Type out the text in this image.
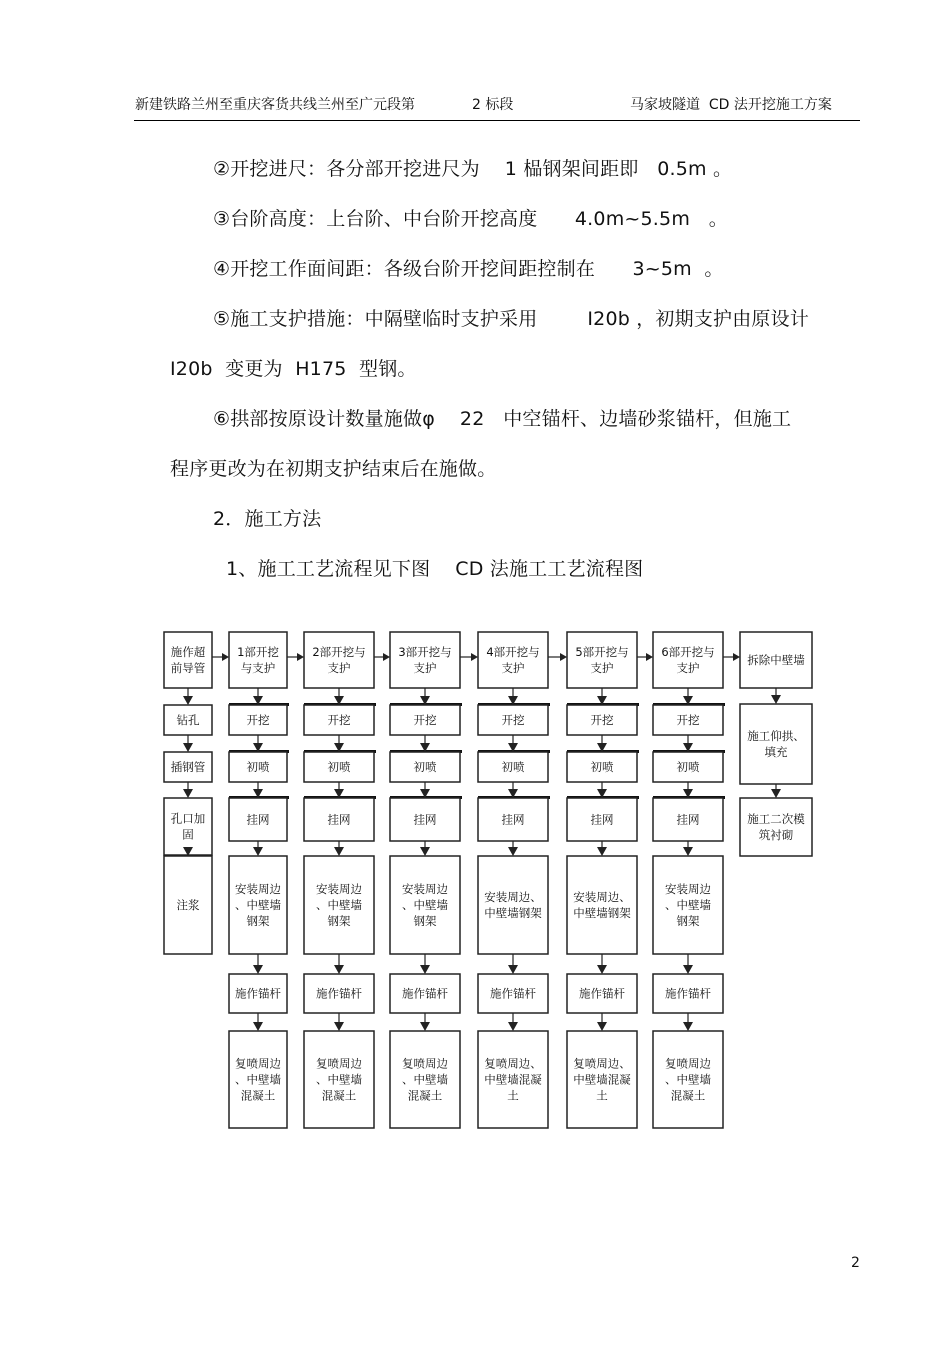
新建铁路兰州至重庆客货共线兰州至广元段第	2 标段	马家坡隧道  CD 法开挖施工方案
②开挖进尺：各分部开挖进尺为    1 榀钢架间距即   0.5m 。
③台阶高度：上台阶、中台阶开挖高度      4.0m~5.5m   。
④开挖工作面间距：各级台阶开挖间距控制在      3~5m  。
⑤施工支护措施：中隔壁临时支护采用        I20b ，初期支护由原设计
I20b  变更为  H175  型钢。
⑥拱部按原设计数量施做φ    22   中空锚杆、边墙砂浆锚杆，但施工
程序更改为在初期支护结束后在施做。
2．施工方法
1、施工工艺流程见下图    CD 法施工工艺流程图
施作超前导管
钻孔
插钢管
孔口加固
注浆
1部开挖与支护
开挖
初喷
挂网
安装周边、中壁墙钢架
施作锚杆
复喷周边、中壁墙混凝土
2部开挖与支护
开挖
初喷
挂网
安装周边、中壁墙钢架
施作锚杆
复喷周边、中壁墙混凝土
3部开挖与支护
开挖
初喷
挂网
安装周边、中壁墙钢架
施作锚杆
复喷周边、中壁墙混凝土
4部开挖与支护
开挖
初喷
挂网
安装周边、中壁墙钢架
施作锚杆
复喷周边、中壁墙混凝土
5部开挖与支护
开挖
初喷
挂网
安装周边、中壁墙钢架
施作锚杆
复喷周边、中壁墙混凝土
6部开挖与支护
开挖
初喷
挂网
安装周边、中壁墙钢架
施作锚杆
复喷周边、中壁墙混凝土
拆除中壁墙
施工仰拱、填充
施工二次模筑衬砌
2
